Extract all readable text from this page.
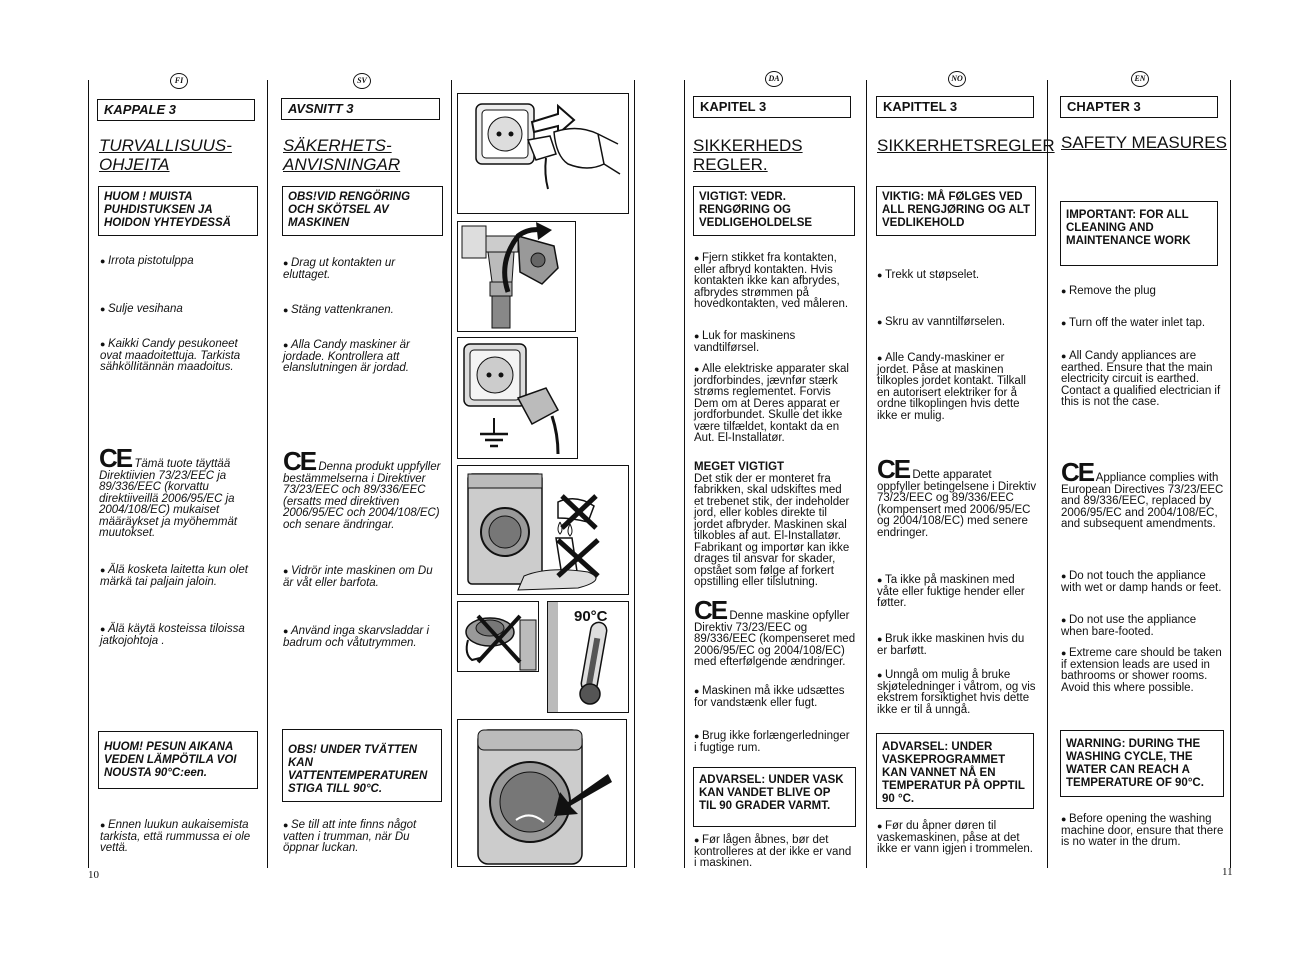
FI	SV	DA	NO	EN
KAPPALE 3
TURVALLISUUS-
OHJEITA
HUOM ! MUISTA PUHDISTUKSEN JA HOIDON YHTEYDESSÄ
● Irrota pistotulppa
● Sulje vesihana
● Kaikki Candy pesukoneet ovat maadoitettuja. Tarkista sähkölIitännän maadoitus.
CE Tämä tuote täyttää Direktiivien 73/23/EEC ja 89/336/EEC (korvattu direktiiveillä 2006/95/EC ja 2004/108/EC) mukaiset määräykset ja myöhemmät muutokset.
● Älä kosketa laitetta kun olet märkä tai paljain jaloin.
● Älä käytä kosteissa tiloissa jatkojohtoja .
HUOM! PESUN AIKANA VEDEN LÄMPÖTILA VOI NOUSTA 90°C:een.
● Ennen luukun aukaisemista tarkista, että rummussa ei ole vettä.
AVSNITT 3
SÄKERHETS-
ANVISNINGAR
OBS!VID RENGÖRING OCH SKÖTSEL AV MASKINEN
● Drag ut kontakten ur eluttaget.
● Stäng vattenkranen.
● Alla Candy maskiner är jordade. Kontrollera att elanslutningen är jordad.
CE Denna produkt uppfyller bestämmelserna i Direktiver 73/23/EEC och 89/336/EEC (ersatts med direktiven 2006/95/EC och 2004/108/EC) och senare ändringar.
● Vidrör inte maskinen om Du är våt eller barfota.
● Använd inga skarvsladdar i badrum och våtutrymmen.
OBS! UNDER TVÄTTEN KAN VATTENTEMPERATUREN STIGA TILL 90°C.
● Se till att inte finns något vatten i trumman, när Du öppnar luckan.
90°C
KAPITEL 3
SIKKERHEDS
REGLER.
VIGTIGT: VEDR. RENGØRING OG VEDLIGEHOLDELSE
● Fjern stikket fra kontakten, eller afbryd kontakten. Hvis kontakten ikke kan afbrydes, afbrydes strømmen på hovedkontakten, ved måleren.
● Luk for maskinens vandtilførsel.
● Alle elektriske apparater skal jordforbindes, jævnfør stærk strøms reglementet. Forvis Dem om at Deres apparat er jordforbundet. Skulle det ikke være tilfældet, kontakt da en Aut. El-Installatør.
MEGET VIGTIGT
Det stik der er monteret fra fabrikken, skal udskiftes med et trebenet stik, der indeholder jord, eller kobles direkte til jordet afbryder. Maskinen skal tilkobles af aut. El-Installatør. Fabrikant og importør kan ikke drages til ansvar for skader, opstået som følge af forkert opstilling eller tilslutning.
CE Denne maskine opfyller Direktiv 73/23/EEC og 89/336/EEC (kompenseret med 2006/95/EC og 2004/108/EC) med efterfølgende ændringer.
● Maskinen må ikke udsættes for vandstænk eller fugt.
● Brug ikke forlængerledninger i fugtige rum.
ADVARSEL: UNDER VASK KAN VANDET BLIVE OP TIL 90 GRADER VARMT.
● Før lågen åbnes, bør det kontrolleres at der ikke er vand i maskinen.
KAPITTEL 3
SIKKERHETSREGLER
VIKTIG: MÅ FØLGES VED ALL RENGJØRING OG ALT VEDLIKEHOLD
● Trekk ut støpselet.
● Skru av vanntilførselen.
● Alle Candy-maskiner er jordet. Påse at maskinen tilkoples jordet kontakt. Tilkall en autorisert elektriker for å ordne tilkoplingen hvis dette ikke er mulig.
CE Dette apparatet oppfyller betingelsene i Direktiv 73/23/EEC og 89/336/EEC (kompensert med 2006/95/EC og 2004/108/EC) med senere endringer.
● Ta ikke på maskinen med våte eller fuktige hender eller føtter.
● Bruk ikke maskinen hvis du er barføtt.
● Unngå om mulig å bruke skjøteledninger i våtrom, og vis ekstrem forsiktighet hvis dette ikke er til å unngå.
ADVARSEL: UNDER VASKEPROGRAMMET KAN VANNET NÅ EN TEMPERATUR PÅ OPPTIL 90 °C.
● Før du åpner døren til vaskemaskinen, påse at det ikke er vann igjen i trommelen.
CHAPTER 3
SAFETY MEASURES
IMPORTANT: FOR ALL CLEANING AND MAINTENANCE WORK
● Remove the plug
● Turn off the water inlet tap.
● All Candy appliances are earthed. Ensure that the main electricity circuit is earthed. Contact a qualified electrician if this is not the case.
CE Appliance complies with European Directives 73/23/EEC and 89/336/EEC, replaced by 2006/95/EC and 2004/108/EC, and subsequent amendments.
● Do not touch the appliance with wet or damp hands or feet.
● Do not use the appliance when bare-footed.
● Extreme care should be taken if extension leads are used in bathrooms or shower rooms. Avoid this where possible.
WARNING: DURING THE WASHING CYCLE, THE WATER CAN REACH A TEMPERATURE OF 90°C.
● Before opening the washing machine door, ensure that there is no water in the drum.
10	11
